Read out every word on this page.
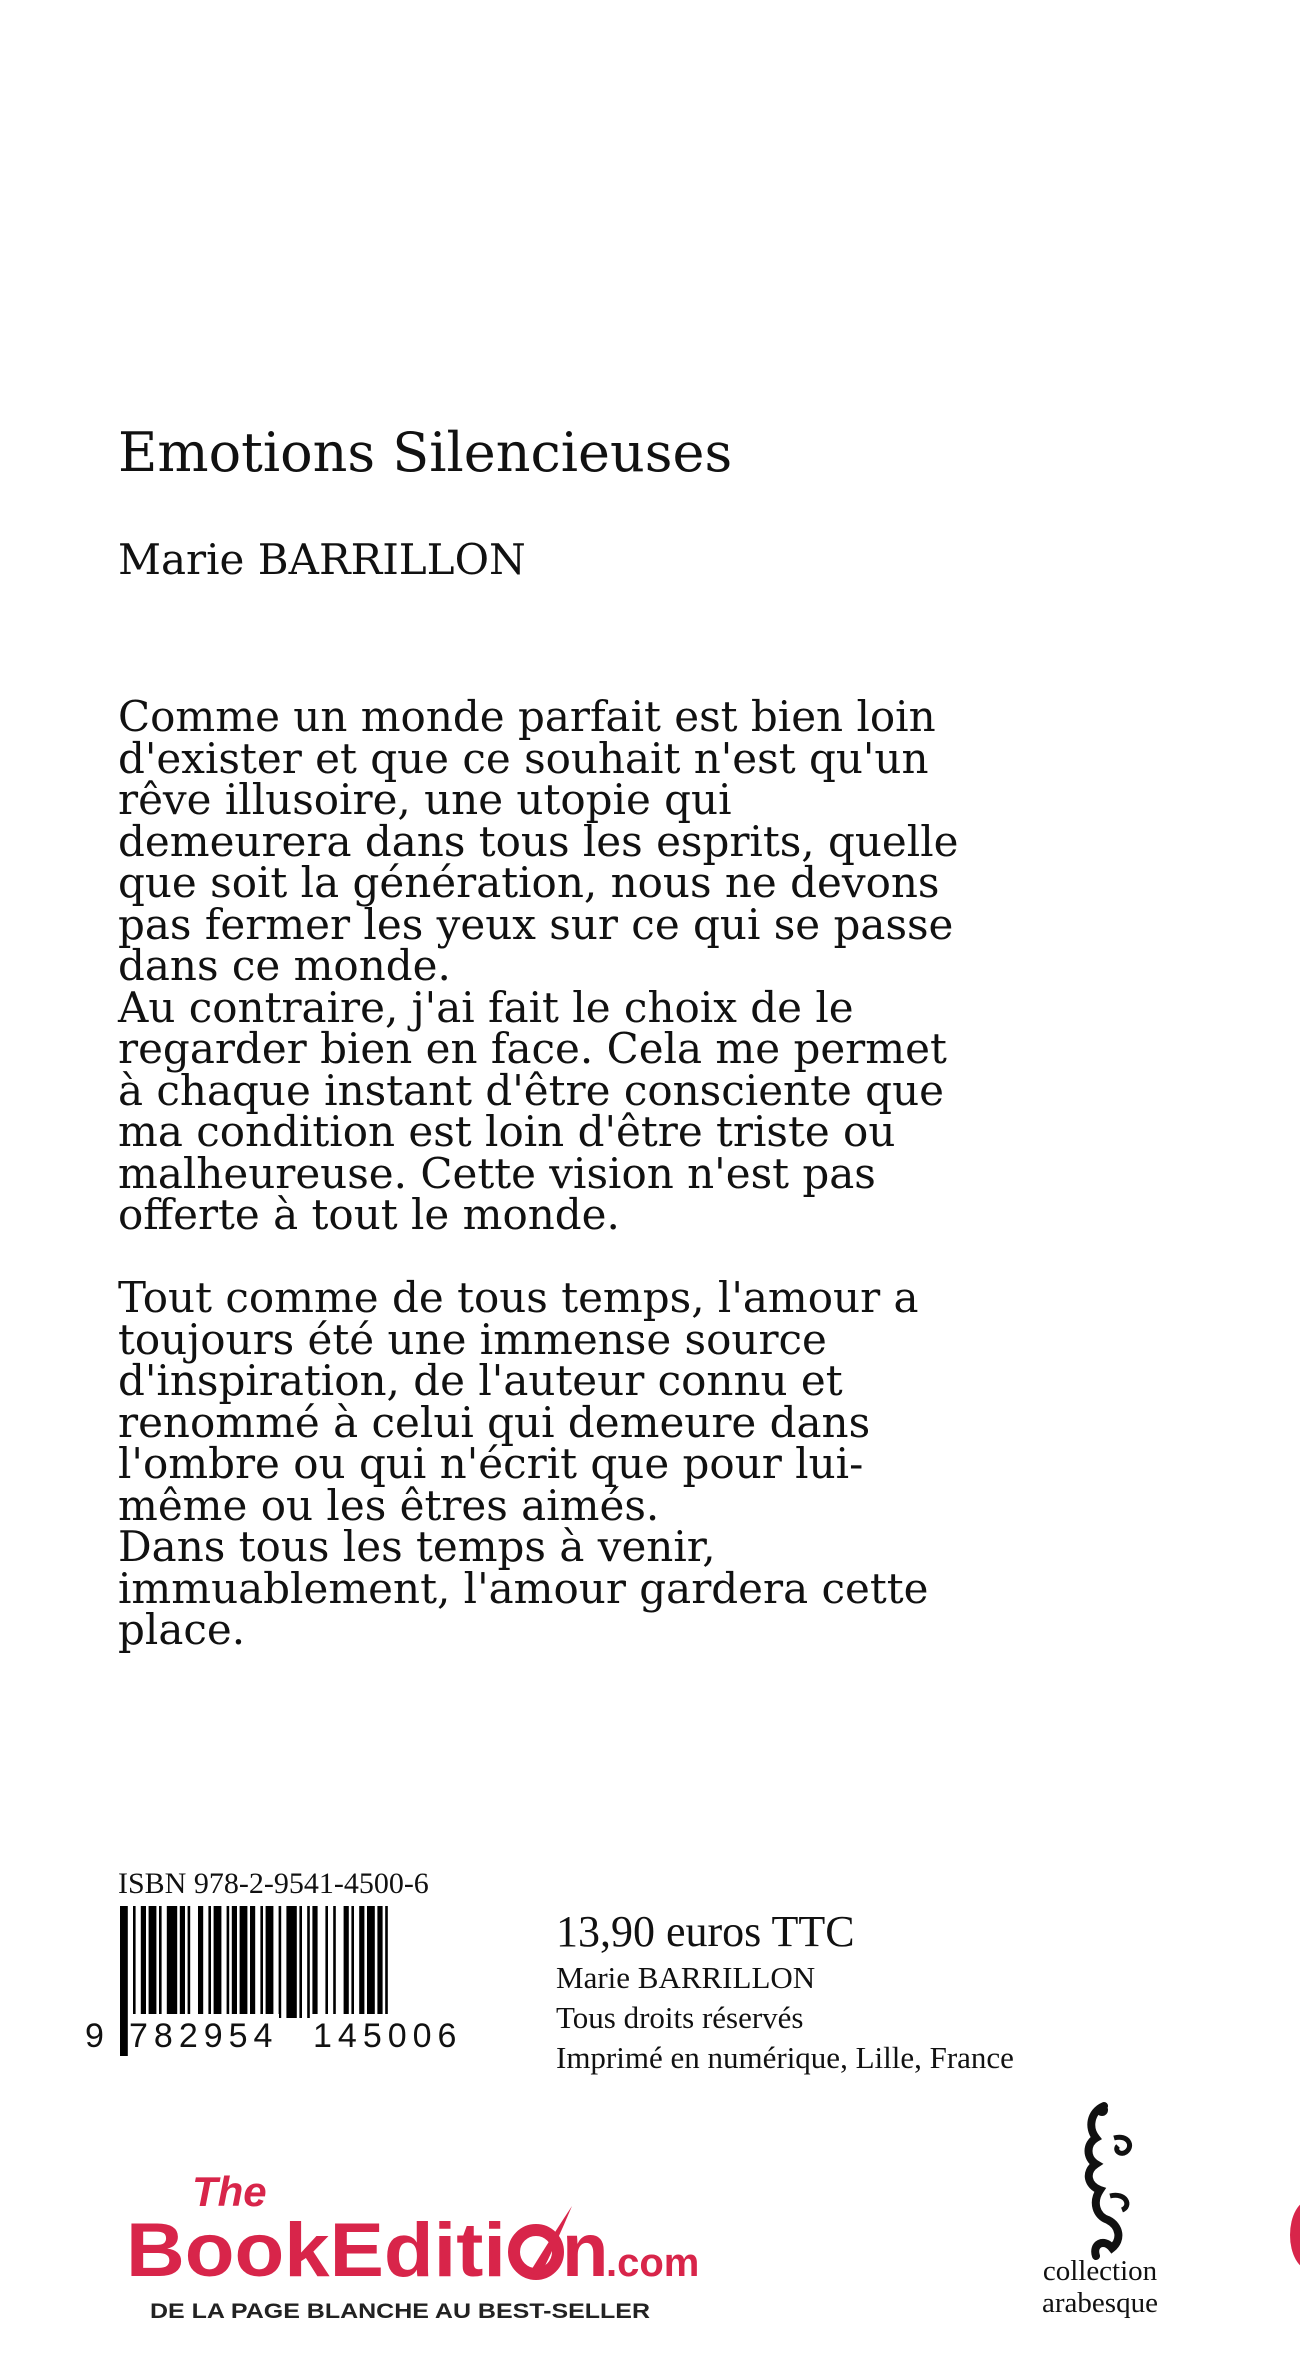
Emotions Silencieuses
Marie BARRILLON

Comme un monde parfait est bien loin

d'exister et que ce souhait n'est qu'un

rêve illusoire, une utopie qui

demeurera dans tous les esprits, quelle

que soit la génération, nous ne devons

pas fermer les yeux sur ce qui se passe

dans ce monde.

Au contraire, j'ai fait le choix de le

regarder bien en face. Cela me permet

à chaque instant d'être consciente que

ma condition est loin d'être triste ou

malheureuse. Cette vision n'est pas

offerte à tout le monde.

Tout comme de tous temps, l'amour a

toujours été une immense source

d'inspiration, de l'auteur connu et

renommé à celui qui demeure dans

l'ombre ou qui n'écrit que pour lui-

même ou les êtres aimés.

Dans tous les temps à venir,

immuablement, l'amour gardera cette

place.

ISBN 978-2-9541-4500-6
9 782954 145006
13,90 euros TTC
Marie BARRILLON
Tous droits réservés
Imprimé en numérique, Lille, France
The
BookEditi n
.com
DE LA PAGE BLANCHE AU BEST-SELLER
collection
arabesque
